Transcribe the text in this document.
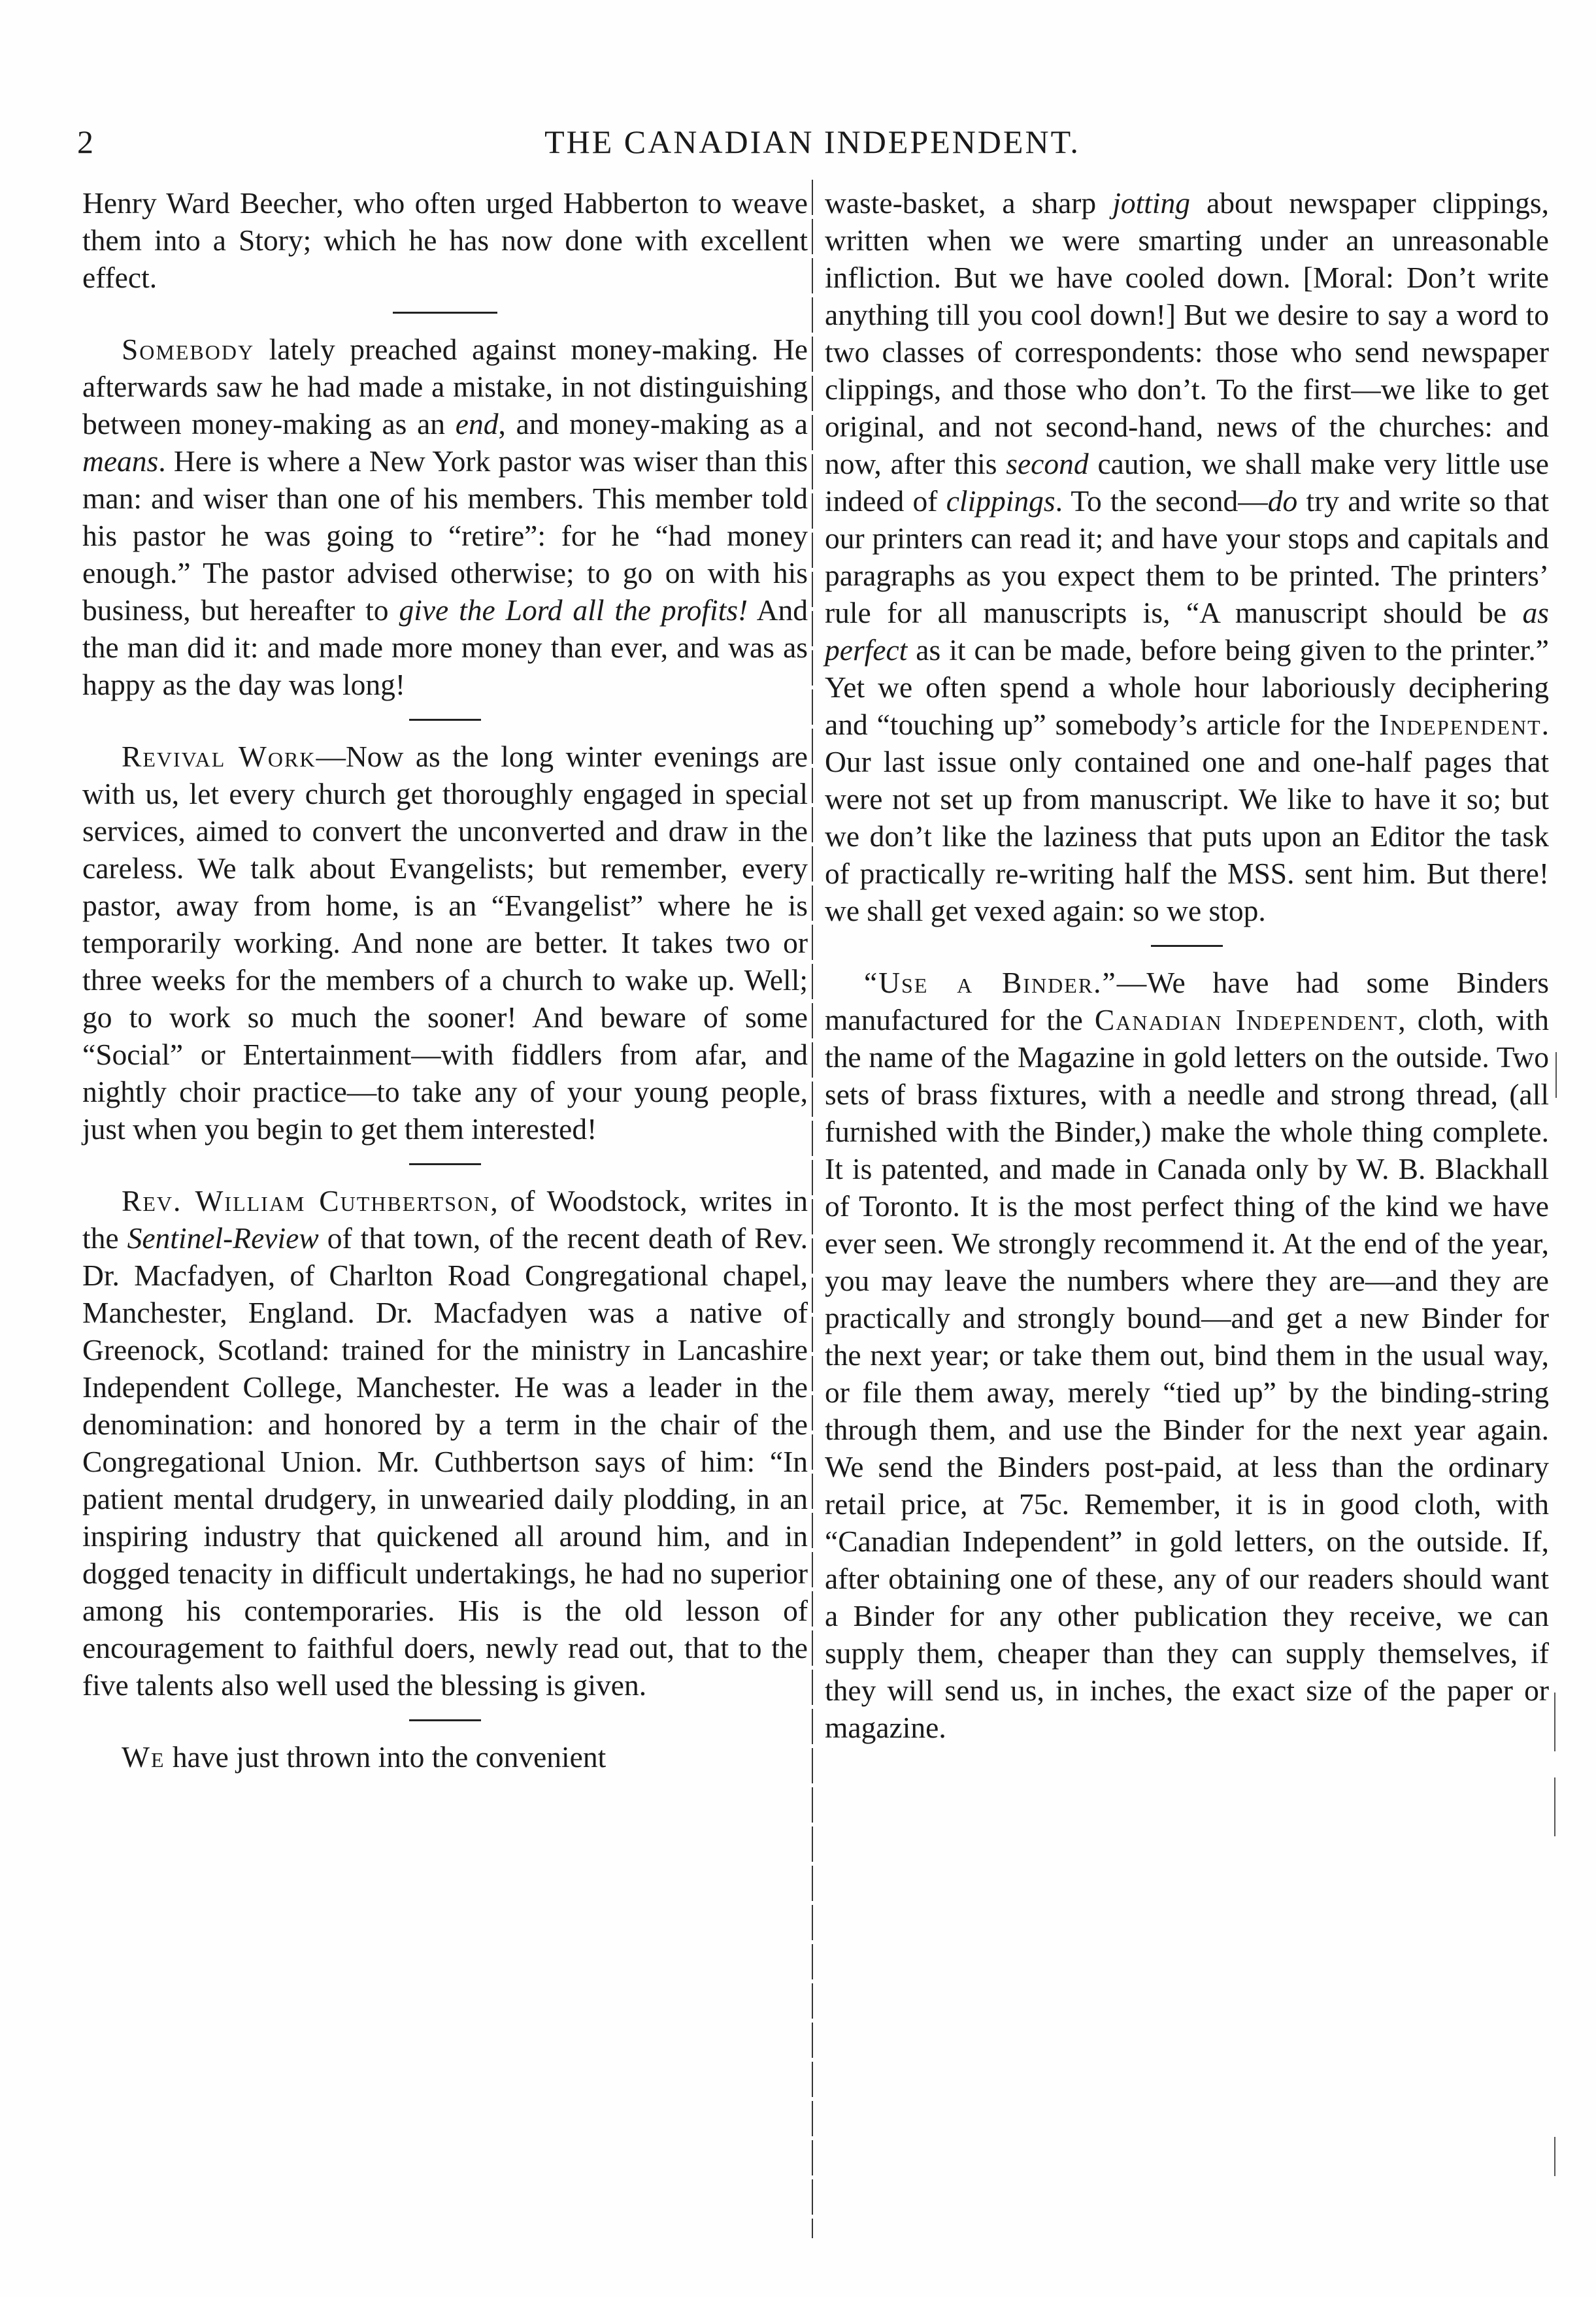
2	THE CANADIAN INDEPENDENT.

Henry Ward Beecher, who often urged Habberton to weave them into a Story; which he has now done with excellent effect.

Somebody lately preached against money-making. He afterwards saw he had made a mistake, in not distinguishing between money-making as an end, and money-making as a means. Here is where a New York pastor was wiser than this man: and wiser than one of his members. This member told his pastor he was going to “retire”: for he “had money enough.” The pastor advised otherwise; to go on with his business, but hereafter to give the Lord all the profits! And the man did it: and made more money than ever, and was as happy as the day was long!

Revival Work—Now as the long winter evenings are with us, let every church get thoroughly engaged in special services, aimed to convert the unconverted and draw in the careless. We talk about Evangelists; but remember, every pastor, away from home, is an “Evangelist” where he is temporarily working. And none are better. It takes two or three weeks for the members of a church to wake up. Well; go to work so much the sooner! And beware of some “Social” or Entertainment—with fiddlers from afar, and nightly choir practice—to take any of your young people, just when you begin to get them interested!

Rev. William Cuthbertson, of Woodstock, writes in the Sentinel-Review of that town, of the recent death of Rev. Dr. Macfadyen, of Charlton Road Congregational chapel, Manchester, England. Dr. Macfadyen was a native of Greenock, Scotland: trained for the ministry in Lancashire Independent College, Manchester. He was a leader in the denomination: and honored by a term in the chair of the Congregational Union. Mr. Cuthbertson says of him: “In patient mental drudgery, in unwearied daily plodding, in an inspiring industry that quickened all around him, and in dogged tenacity in difficult undertakings, he had no superior among his contemporaries. His is the old lesson of encouragement to faithful doers, newly read out, that to the five talents also well used the blessing is given.

We have just thrown into the convenient

waste-basket, a sharp jotting about newspaper clippings, written when we were smarting under an unreasonable infliction. But we have cooled down. [Moral: Don’t write anything till you cool down!] But we desire to say a word to two classes of correspondents: those who send newspaper clippings, and those who don’t. To the first—we like to get original, and not second-hand, news of the churches: and now, after this second caution, we shall make very little use indeed of clippings. To the second—do try and write so that our printers can read it; and have your stops and capitals and paragraphs as you expect them to be printed. The printers’ rule for all manuscripts is, “A manuscript should be as perfect as it can be made, before being given to the printer.” Yet we often spend a whole hour laboriously deciphering and “touching up” somebody’s article for the Independent. Our last issue only contained one and one-half pages that were not set up from manuscript. We like to have it so; but we don’t like the laziness that puts upon an Editor the task of practically re-writing half the MSS. sent him. But there! we shall get vexed again: so we stop.

“Use a Binder.”—We have had some Binders manufactured for the Canadian Independent, cloth, with the name of the Magazine in gold letters on the outside. Two sets of brass fixtures, with a needle and strong thread, (all furnished with the Binder,) make the whole thing complete. It is patented, and made in Canada only by W. B. Blackhall of Toronto. It is the most perfect thing of the kind we have ever seen. We strongly recommend it. At the end of the year, you may leave the numbers where they are—and they are practically and strongly bound—and get a new Binder for the next year; or take them out, bind them in the usual way, or file them away, merely “tied up” by the binding-string through them, and use the Binder for the next year again. We send the Binders post-paid, at less than the ordinary retail price, at 75c. Remember, it is in good cloth, with “Canadian Independent” in gold letters, on the outside. If, after obtaining one of these, any of our readers should want a Binder for any other publication they receive, we can supply them, cheaper than they can supply themselves, if they will send us, in inches, the exact size of the paper or magazine.
